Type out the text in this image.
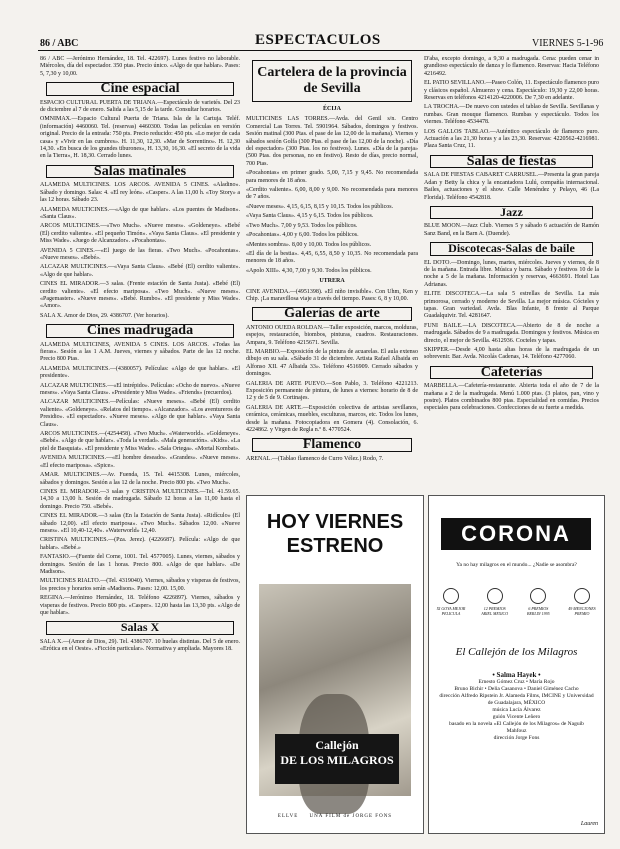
86 / ABC	ESPECTACULOS	VIERNES 5-1-96

86 / ABC —Jerónimo Hernández, 18. Tel. 422697). Lunes festivo no laborable. Miércoles, día del espectador. 350 ptas. Precio único. «Algo de que hablar». Pases: 5, 7,30 y 10,00.

Cine espacial

ESPACIO CULTURAL PUERTA DE TRIANA.—Espectáculo de varietés. Del 23 de diciembre al 7 de enero. Salida a las 5,15 de la tarde. Consultar horarios.

OMNIMAX.—Espacio Cultural Puerta de Triana. Isla de la Cartuja. Teléf. (información) 4460060. Tel. (reservas) 4460300. Todas las películas en versión original. Precio de la entrada: 750 pts. Precio reducido: 450 pts. «Lo mejor de cada casa» y «Vivir en las cumbres». H. 11,30, 12,30. «Mar de Sorrentino». H. 12,30 14,30. «En busca de los grandes tiburones», H. 13,30, 16,30. «El secreto de la vida en la Tierra», H. 18,30. Cerrado lunes.

Salas matinales

ALAMEDA MULTICINES. LOS ARCOS. AVENIDA 5 CINES. «Aladino». Sábado y domingo. Salas: 4. «El rey león». «Casper». A las 11,00 h. «Toy Story» a las 12 horas. Sábado 23.

ALAMEDA MULTICINES.—«Algo de que hablar». «Los puentes de Madison». «Santa Claus».

ARCOS MULTICINES.—«Two Much». «Nueve meses». «Goldeneye». «Bebé (El) cerdito valiente». «El pequeño Timón». «Vaya Santa Claus». «El presidente y Miss Wade». «Juego de Alcanzador». «Pocahontas».

AVENIDA 5 CINES.—«El juego de las fieras. «Two Much». «Pocahontas». «Nueve meses». «Bebé».

ALCAZAR MULTICINES.—«Vaya Santa Claus». «Bebé (El) cerdito valiente». «Algo de que hablar».

CINES EL MIRADOR.—3 salas. (Frente estación de Santa Justa). «Bebé (El) cerdito valiente». «El efecto mariposa». «Two Much». «Nueve meses». «Pagemaster». «Nueve meses». «Bebé. Rumbo». «El presidente y Miss Wade». «Amor».

SALA X. Amor de Dios, 29. 4386707. (Ver horarios).

Cines madrugada

ALAMEDA MULTICINES, AVENIDA 5 CINES. LOS ARCOS. «Todas las fieras». Sesión a las 1 A.M. Jueves, viernes y sábados. Parte de las 12 noche. Precio 800 Ptas.

ALAMEDA MULTICINES.—(4380057). Películas: «Algo de que hablar». «El presidente».

ALCAZAR MULTICINES.—«El intrépido». Películas: «Ocho de nuevo». «Nueve meses». «Vaya Santa Claus». «Presidente y Miss Wade». «Friends» (recuerdos).

ALCAZAR MULTICINES.—Películas: «Nueve meses». «Bebé (El) cerdito valiente». «Goldeneye». «Relatos del tiempo». «Alcanzador». «Los aventureros de Presidio». «El espectador». «Nueve meses». «Algo de que hablar». «Vaya Santa Claus».

ARCOS MULTICINES.—(4254458). «Two Much». «Waterworld». «Goldeneye». «Bebé». «Algo de que hablar». «Toda la verdad». «Mala generación». «Kids». «La piel de Basquiat». «El presidente y Miss Wade». «Sala Ortega». «Mortal Kombat».

AVENIDA MULTICINES.—«El hombre deseado». «Grandes». «Nueve meses». «El efecto mariposa». «Spice».

AMAR. MULTICINES.—Av. Fuenda, 15. Tel. 4415308. Lunes, miércoles, sábados y domingos. Sesión a las 12 de la noche. Precio 800 pts. «Two Much».

CINES EL MIRADOR.—3 salas y CRISTINA MULTICINES.—Tel. 41.59.65. 14,30 a 13,00 h. Sesión de madrugada. Sábado 12 horas a las 11,00 hasta el domingo. Precio 750. «Bebé».

CINES EL MIRADOR.—3 salas (En la Estación de Santa Justa). «Ridículo» (El sábado 12,00). «El efecto mariposa». «Two Much». Sábados 12,00. «Nueve meses». «El 10,40-12,40». «Waterworld» 12,40.

CRISTINA MULTICINES.—(Pza. Jerez). (4226687). Película: «Algo de que hablar». «Bebé.»

FANTASIO.—(Fuente del Corne, 1001. Tel. 4577005). Lunes, viernes, sábados y domingos. Sesión de las 1 horas. Precio 800. «Algo de que hablar». «De Madison».

MULTICINES RIALTO.—(Tel. 4319040). Viernes, sábados y visperas de festivos, los precios y horarios serán «Madison». Pases: 12,00. 15,00.

REGINA.—Jerónimo Hernández, 18. Teléfono 4226897). Viernes, sábados y visperas de festivos. Precio 800 pts. «Casper». 12,00 hasta las 13,30 pts. «Algo de que hablar».

Salas X

SALA X.—(Amor de Dios, 29). Tel. 4386707. 10 huelas distintas. Del 5 de enero. «Erótica en el Oeste». «Ficción particular». Normativa y ampliada. Mayores 18.

Cartelera de la provincia de Sevilla
ÉCIJA

MULTICINES LAS TORRES.—Avda. del Genil s/n. Centro Comercial Las Torres. Tel. 5901964. Sábados, domingos y festivos. Sesión matinal (300 Ptas. el pase de las 12,00 de la mañana). Viernes y sábados sesión Golfa (300 Ptas. el pase de las 12,00 de la noche). «Día del espectador» (300 Ptas. los no festivos). Lunes. «Día de la pareja» (500 Ptas. dos personas, no en festivo). Resto de días, precio normal, 700 Ptas.

«Pocahontas» en primer grado. 5,00, 7,15 y 9,45. No recomendada para menores de 18 años.

«Cerdito valiente». 6,00, 8,00 y 9,00. No recomendada para menores de 7 años.

«Nueve meses». 4,15, 6,15, 8,15 y 10,15. Todos los públicos.

«Vaya Santa Claus». 4,15 y 6,15. Todos los públicos.

«Two Much». 7,00 y 9,53. Todos los públicos.

«Pocahontas». 4,00 y 6,00. Todos los públicos.

«Mentes sombra». 8,00 y 10,00. Todos los públicos.

«El día de la bestia». 4,45, 6,55, 8,50 y 10,35. No recomendada para menores de 18 años.

«Apolo XIII». 4,30, 7,00 y 9,30. Todos los públicos.

UTRERA

CINE AVENIDA.—(4951398). «El niño invisible». Con Uhm, Ken y Chip. ¡La maravillosa viaje a través del tiempo. Pases: 6, 8 y 10,00.

Galerías de arte

ANTONIO OUEDA ROLDAN.—Taller exposición, marcos, molduras, espejos, restauración, biombos, pinturas, cuadros. Restauraciones. Ampara, 9. Teléfono 4215671. Sevilla.

EL MARBIO.—Exposición de la pintura de acuarelas. El aula extenso dibujo en su sala. «Sábado 31 de diciembre. Artista Rafael Albaida en Alfonso XII. 47 Albaida 33». Teléfono 4516909. Cerrado sábados y domingos.

GALERIA DE ARTE PUEVO.—Son Pablo, 3. Teléfono 4221213. Exposición permanente de pintura, de lunes a viernes: horario de 8 de 12 y de 5 de 9. Cortinajes.

GALERIA DE ARTE.—Exposición colectiva de artistas sevillanos, cerámica, cerámicas, muebles, esculturas, marcos, etc. Todos los lunes, desde la mañana. Fotocopiadora en Gomera (4). Consolación, 6. 4224862. y Virgen de Regla n.º 8. 4770524.

Flamenco

ARENAL.—(Tablao flamenco de Curro Vélez.) Rodo, 7.

D'aba, excepto domingo, a 9,30 a madrugada. Cena: pueden cenar in grandioso espectáculo de danza y lo flamenco. Reservas: Hacia Teléfono 4216492.

EL PATIO SEVILLANO.—Paseo Colón, 11. Espectáculo flamenco puro y clásicos español. Almuerzo y cena. Espectáculo: 19,30 y 22,00 horas. Reservas en teléfonos 4214120-4220006. De 7,30 en adelante.

LA TROCHA.—De nuevo con ustedes el tablao de Sevilla. Sevillanas y rumbas. Gran mouque flamenco. Rumbas y espectáculo. Todos los viernes. Teléfono 4534478.

LOS GALLOS TABLAO.—Auténtico espectáculo de flamenco puro. Actuación a las 21,30 horas y a las 23,30. Reservas: 4220562-4216981. Plaza Santa Cruz, 11.

Salas de fiestas

SALA DE FIESTAS CABARET CARRUSEL.—Presenta la gran pareja Adan y Betty la chica y la encantadora Lulú, compañía internacional. Bailes, actuaciones y el show. Calle Menéndez y Pelayo, 46 (La Florida). Teléfono 4542818.

Jazz

BLUE MOON.—Jazz Club. Viernes 5 y sábado 6 actuación de Ramón Sanz Band, en la Barn A. (Duende).

Discotecas-Salas de baile

EL DOTO.—Domingo, lunes, martes, miércoles. Jueves y viernes, de 8 de la mañana. Entrada libre. Música y barra. Sábado y festivos 10 de la noche a 5 de la mañana. Información y reservas, 4663691. Hotel Las Adrianas.

ELITE DISCOTECA.—La sala 5 estrellas de Sevilla. La más primorosa, cerrado y moderno de Sevilla. La mejor música. Cócteles y tapas. Gran variedad. Avda. Blas Infante, 8 frente al Parque Guadalquivir. Tel. 4281647.

FUNI BAILE.—LA DISCOTECA.—Abierto de 8 de noche a madrugada. Sábados de 9 a madrugada. Domingos y festivos. Música en directo, el mejor de Sevilla. 4612936. Cocteles y tapas.

SKIPPER.—Desde 4,00 hasta altas horas de la madrugada de un sobrevenir. Bar. Avda. Nicolás Cadenas, 14. Teléfono 4277060.

Cafeterías

MARBELLA.—Cafetería-restaurante. Abierta toda el año de 7 de la mañana a 2 de la madrugada. Menú 1.000 ptas. (3 platos, pan, vino y postre). Platos combinados 800 ptas. Especialidad en comidas. Precios especiales para celebraciones. Confecciones de su fuerte a medida.

HOY VIERNES
ESTRENO
Callejón
DE LOS MILAGROS
ELLVE UNA FILM de JORGE FONS
CORONA
Ya no hay milagros en el mundo... ¿Nadie se asombra?
XI GOYA MEJOR PELICULA
12 PREMIOS ARIEL MEXICO
6 PREMIOS BERLIN 1995
49 MENCIONES PREMIO
El Callejón de los Milagros
• Salma Hayek •
Ernesto Gómez Cruz • María Rojo
Bruno Bichir • Delia Casanova • Daniel Giménez Cacho
dirección Alfredo Ripstein Jr. Alameda Films, IMCINE y Universidad de Guadalajara, MÉXICO
música Lucía Álvarez
guión Vicente Leñero
basado en la novela «El Callejón de los Milagros» de Naguib Mahfouz
dirección Jorge Fons
Lauren
